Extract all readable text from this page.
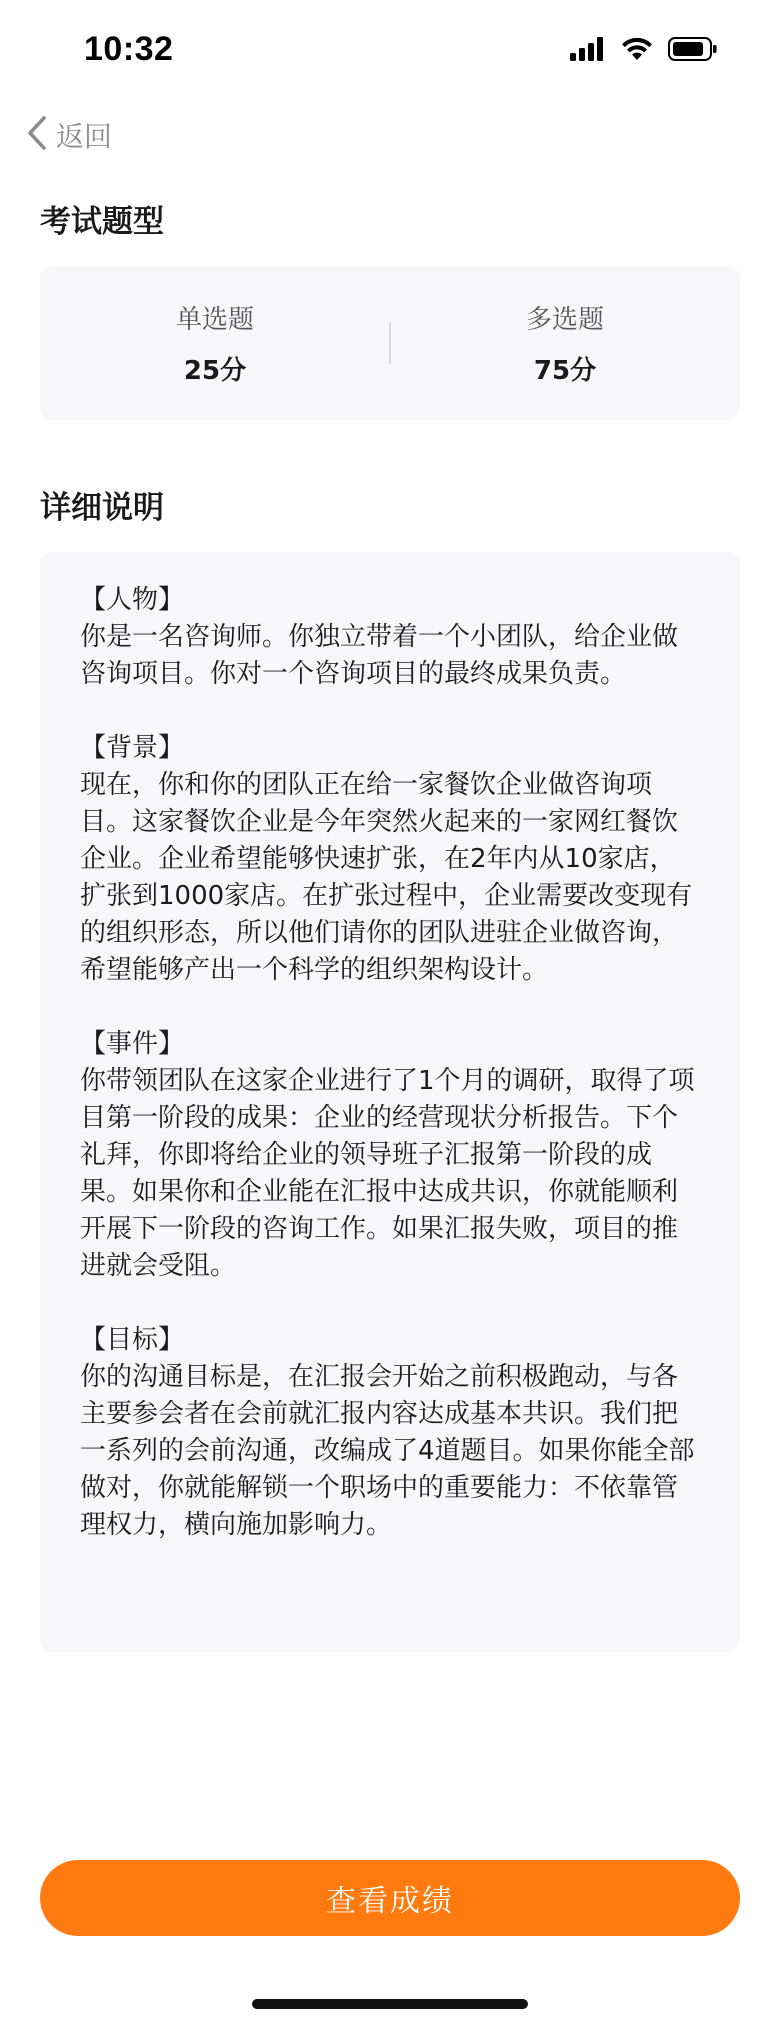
10:32
返回
考试题型
单选题
25分
多选题
75分
详细说明
【人物】
你是一名咨询师。你独立带着一个小团队，给企业做咨询项目。你对一个咨询项目的最终成果负责。
【背景】
现在，你和你的团队正在给一家餐饮企业做咨询项目。这家餐饮企业是今年突然火起来的一家网红餐饮企业。企业希望能够快速扩张，在2年内从10家店，扩张到1000家店。在扩张过程中，企业需要改变现有的组织形态，所以他们请你的团队进驻企业做咨询，希望能够产出一个科学的组织架构设计。
【事件】
你带领团队在这家企业进行了1个月的调研，取得了项目第一阶段的成果：企业的经营现状分析报告。下个礼拜，你即将给企业的领导班子汇报第一阶段的成果。如果你和企业能在汇报中达成共识，你就能顺利开展下一阶段的咨询工作。如果汇报失败，项目的推进就会受阻。
【目标】
你的沟通目标是，在汇报会开始之前积极跑动，与各主要参会者在会前就汇报内容达成基本共识。我们把一系列的会前沟通，改编成了4道题目。如果你能全部做对，你就能解锁一个职场中的重要能力：不依靠管理权力，横向施加影响力。
查看成绩
